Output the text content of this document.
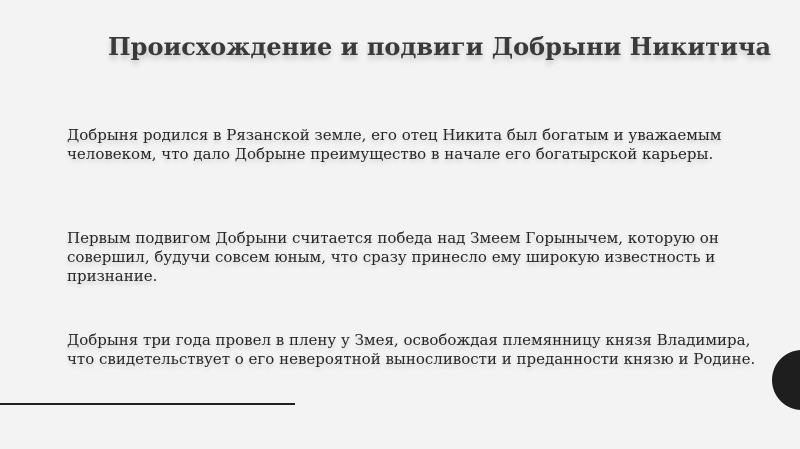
Происхождение и подвиги Добрыни Никитича

Добрыня родился в Рязанской земле, его отец Никита был богатым и уважаемым человеком, что дало Добрыне преимущество в начале его богатырской карьеры.

Первым подвигом Добрыни считается победа над Змеем Горынычем, которую он совершил, будучи совсем юным, что сразу принесло ему широкую известность и признание.

Добрыня три года провел в плену у Змея, освобождая племянницу князя Владимира, что свидетельствует о его невероятной выносливости и преданности князю и Родине.
